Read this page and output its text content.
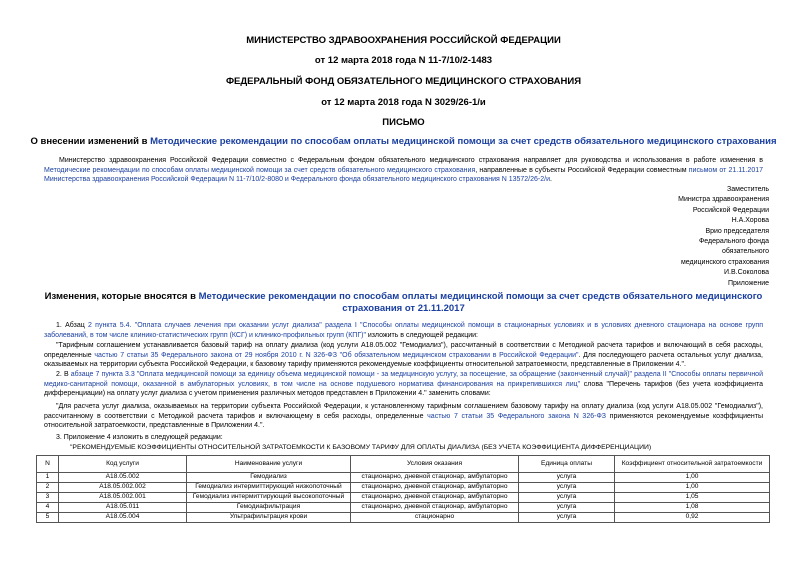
МИНИСТЕРСТВО ЗДРАВООХРАНЕНИЯ РОССИЙСКОЙ ФЕДЕРАЦИИ
от 12 марта 2018 года N 11-7/10/2-1483
ФЕДЕРАЛЬНЫЙ ФОНД ОБЯЗАТЕЛЬНОГО МЕДИЦИНСКОГО СТРАХОВАНИЯ
от 12 марта 2018 года N 3029/26-1/и
ПИСЬМО
О внесении изменений в Методические рекомендации по способам оплаты медицинской помощи за счет средств обязательного медицинского страхования
Министерство здравоохранения Российской Федерации совместно с Федеральным фондом обязательного медицинского страхования направляет для руководства и использования в работе изменения в Методические рекомендации по способам оплаты медицинской помощи за счет средств обязательного медицинского страхования, направленные в субъекты Российской Федерации совместным письмом от 21.11.2017 Министерства здравоохранения Российской Федерации N 11-7/10/2-8080 и Федерального фонда обязательного медицинского страхования N 13572/26-2/и.
Заместитель
Министра здравоохранения
Российской Федерации
Н.А.Хорова
Врио председателя
Федерального фонда
обязательного
медицинского страхования
И.В.Соколова
Приложение
Изменения, которые вносятся в Методические рекомендации по способам оплаты медицинской помощи за счет средств обязательного медицинского страхования от 21.11.2017
1. Абзац 2 пункта 5.4. "Оплата случаев лечения при оказании услуг диализа" раздела I "Способы оплаты медицинской помощи в стационарных условиях и в условиях дневного стационара на основе групп заболеваний, в том числе клинико-статистических групп (КСГ) и клинико-профильных групп (КПГ)" изложить в следующей редакции:
"Тарифным соглашением устанавливается базовый тариф на оплату диализа (код услуги А18.05.002 "Гемодиализ"), рассчитанный в соответствии с Методикой расчета тарифов и включающий в себя расходы, определенные частью 7 статьи 35 Федерального закона от 29 ноября 2010 г. N 326-ФЗ "Об обязательном медицинском страховании в Российской Федерации". Для последующего расчета остальных услуг диализа, оказываемых на территории субъекта Российской Федерации, к базовому тарифу применяются рекомендуемые коэффициенты относительной затратоемкости, представленные в Приложении 4.".
2. В абзаце 7 пункта 3.3 "Оплата медицинской помощи за единицу объема медицинской помощи - за медицинскую услугу, за посещение, за обращение (законченный случай)" раздела II "Способы оплаты первичной медико-санитарной помощи, оказанной в амбулаторных условиях, в том числе на основе подушевого норматива финансирования на прикрепившихся лиц" слова "Перечень тарифов (без учета коэффициента дифференциации) на оплату услуг диализа с учетом применения различных методов представлен в Приложении 4." заменить словами:
"Для расчета услуг диализа, оказываемых на территории субъекта Российской Федерации, к установленному тарифным соглашением базовому тарифу на оплату диализа (код услуги А18.05.002 "Гемодиализ"), рассчитанному в соответствии с Методикой расчета тарифов и включающему в себя расходы, определенные частью 7 статьи 35 Федерального закона N 326-ФЗ применяются рекомендуемые коэффициенты относительной затратоемкости, представленные в Приложении 4.".
3. Приложение 4 изложить в следующей редакции:
"РЕКОМЕНДУЕМЫЕ КОЭФФИЦИЕНТЫ ОТНОСИТЕЛЬНОЙ ЗАТРАТОЕМКОСТИ К БАЗОВОМУ ТАРИФУ ДЛЯ ОПЛАТЫ ДИАЛИЗА (БЕЗ УЧЕТА КОЭФФИЦИЕНТА ДИФФЕРЕНЦИАЦИИ)
N	Код услуги	Наименование услуги	Условия оказания	Единица оплаты	Коэффициент относительной затратоемкости
1	А18.05.002	Гемодиализ	стационарно, дневной стационар, амбулаторно	услуга	1,00
2	А18.05.002.002	Гемодиализ интермиттирующий низкопоточный	стационарно, дневной стационар, амбулаторно	услуга	1,00
3	А18.05.002.001	Гемодиализ интермиттирующий высокопоточный	стационарно, дневной стационар, амбулаторно	услуга	1,05
4	А18.05.011	Гемодиафильтрация	стационарно, дневной стационар, амбулаторно	услуга	1,08
5	А18.05.004	Ультрафильтрация крови	стационарно	услуга	0,92
